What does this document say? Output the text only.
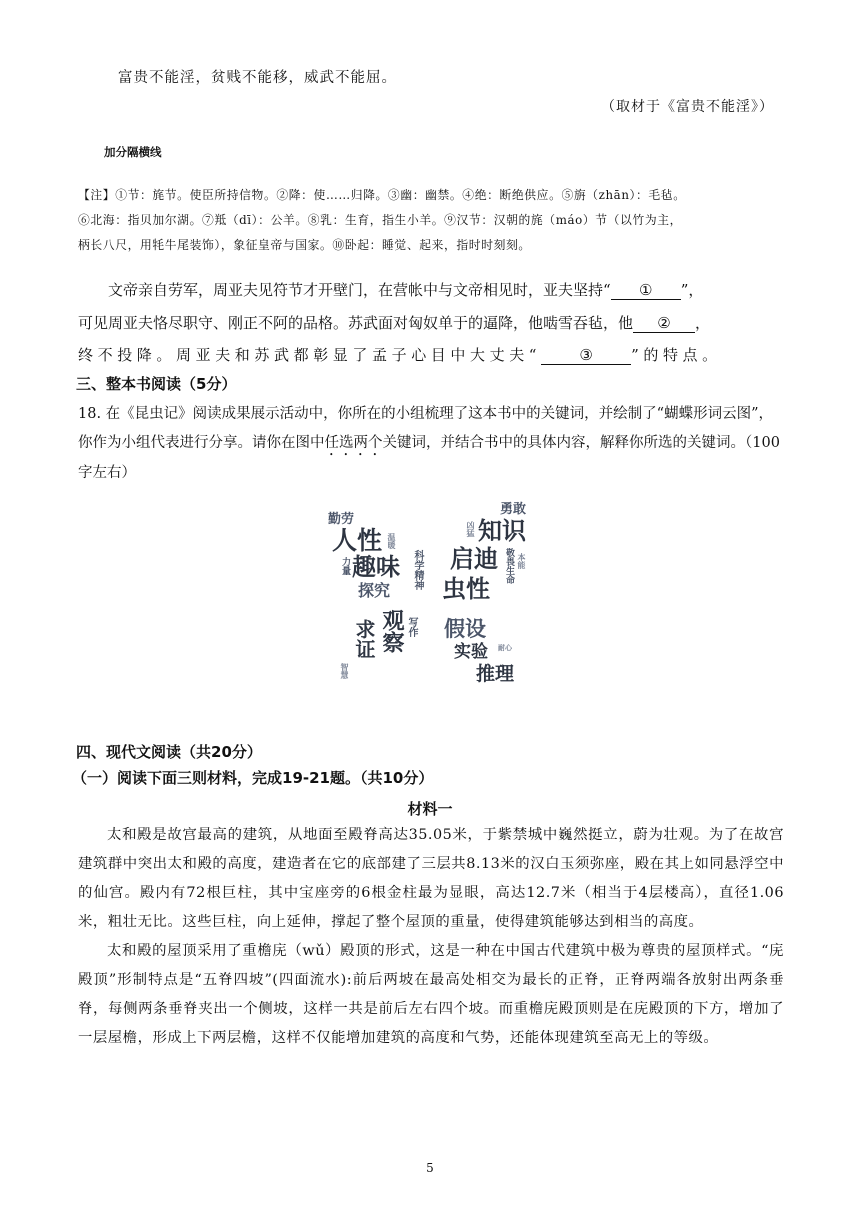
富贵不能淫，贫贱不能移，威武不能屈。
（取材于《富贵不能淫》）
加分隔横线
【注】①节：旄节。使臣所持信物。②降：使……归降。③幽：幽禁。④绝：断绝供应。⑤旃（zhān）：毛毡。
⑥北海：指贝加尔湖。⑦羝（dī）：公羊。⑧乳：生育，指生小羊。⑨汉节：汉朝的旄（máo）节（以竹为主，
柄长八尺，用牦牛尾装饰），象征皇帝与国家。⑩卧起：睡觉、起来，指时时刻刻。
文帝亲自劳军，周亚夫见符节才开壁门，在营帐中与文帝相见时，亚夫坚持“ ① ”，
可见周亚夫恪尽职守、刚正不阿的品格。苏武面对匈奴单于的逼降，他啮雪吞毡，他 ② ，
终不投降。周亚夫和苏武都彰显了孟子心目中大丈夫“	③	”的特点。
三、整本书阅读（5分）
18. 在《昆虫记》阅读成果展示活动中，你所在的小组梳理了这本书中的关键词，并绘制了“蝴蝶形词云图”，你作为小组代表进行分享。请你在图中任选两个关键词，并结合书中的具体内容，解释你所选的关键词。（100字左右）
勤劳
人性 温暖
力量 趣味 科学精神
探究
勇敢
凶猛 知识
启迪 敬畏生命 本能
虫性
求证 观察 写作
智慧
假设
实验 耐心
推理
四、现代文阅读（共20分）
（一）阅读下面三则材料，完成19-21题。（共10分）
材料一
太和殿是故宫最高的建筑，从地面至殿脊高达35.05米，于紫禁城中巍然挺立，蔚为壮观。为了在故宫建筑群中突出太和殿的高度，建造者在它的底部建了三层共8.13米的汉白玉须弥座，殿在其上如同悬浮空中的仙宫。殿内有72根巨柱，其中宝座旁的6根金柱最为显眼，高达12.7米（相当于4层楼高），直径1.06米，粗壮无比。这些巨柱，向上延伸，撑起了整个屋顶的重量，使得建筑能够达到相当的高度。
太和殿的屋顶采用了重檐庑（wǔ）殿顶的形式，这是一种在中国古代建筑中极为尊贵的屋顶样式。“庑殿顶”形制特点是“五脊四坡”(四面流水):前后两坡在最高处相交为最长的正脊，正脊两端各放射出两条垂脊，每侧两条垂脊夹出一个侧坡，这样一共是前后左右四个坡。而重檐庑殿顶则是在庑殿顶的下方，增加了一层屋檐，形成上下两层檐，这样不仅能增加建筑的高度和气势，还能体现建筑至高无上的等级。
5
